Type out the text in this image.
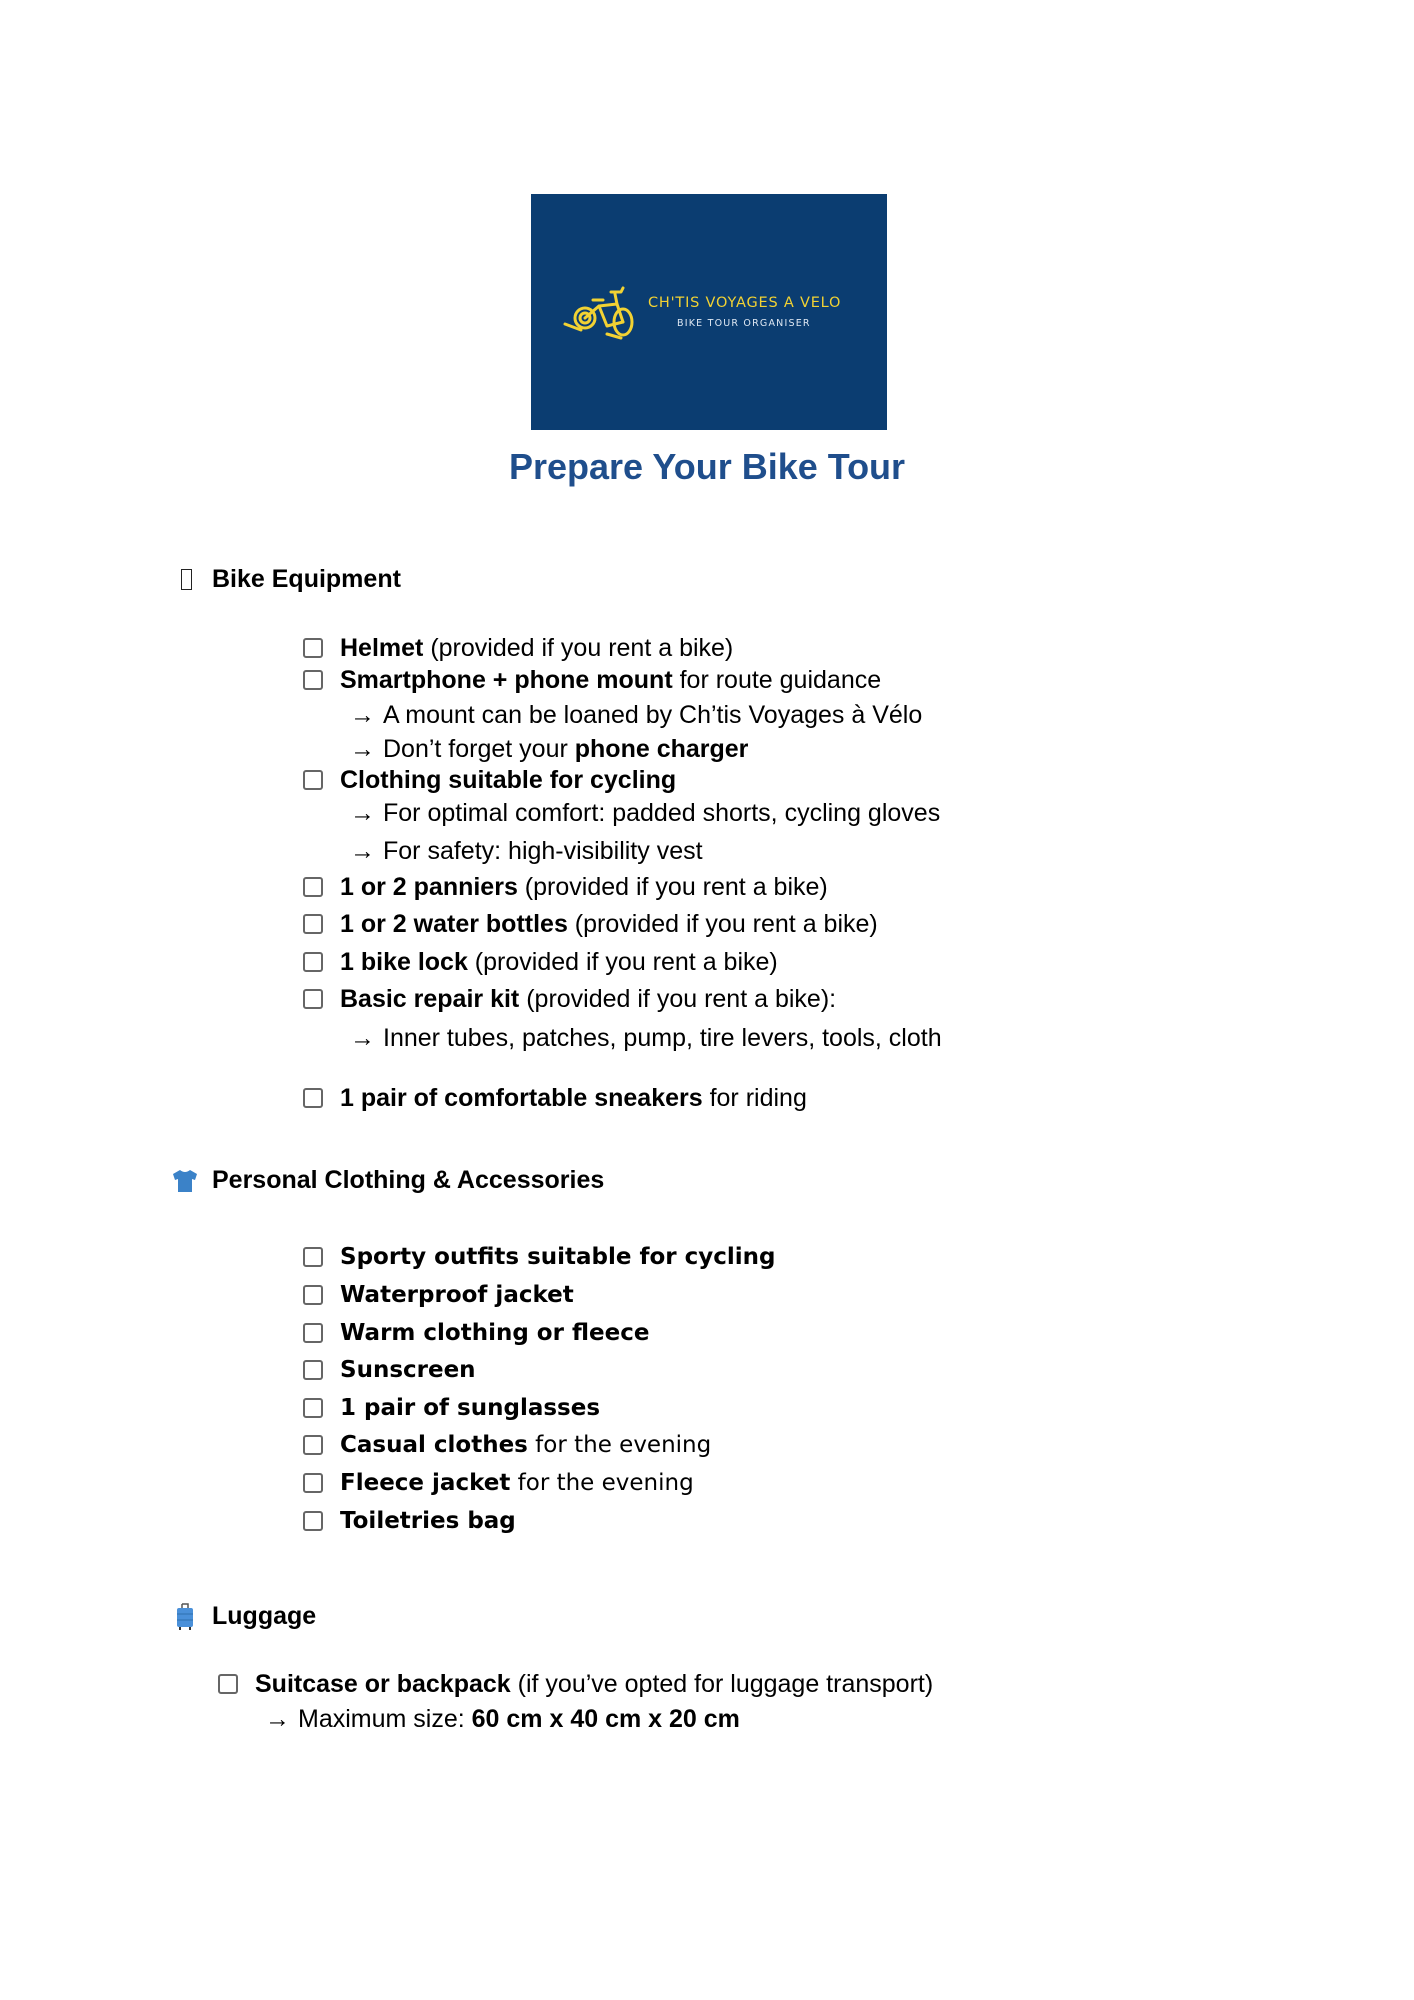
CH'TIS VOYAGES A VELO
BIKE TOUR ORGANISER
Prepare Your Bike Tour
Bike Equipment
Helmet (provided if you rent a bike)
Smartphone + phone mount for route guidance
→ A mount can be loaned by Ch’tis Voyages à Vélo
→ Don’t forget your phone charger
Clothing suitable for cycling
→ For optimal comfort: padded shorts, cycling gloves
→ For safety: high-visibility vest
1 or 2 panniers (provided if you rent a bike)
1 or 2 water bottles (provided if you rent a bike)
1 bike lock (provided if you rent a bike)
Basic repair kit (provided if you rent a bike):
→ Inner tubes, patches, pump, tire levers, tools, cloth
1 pair of comfortable sneakers for riding
Personal Clothing & Accessories
Sporty outfits suitable for cycling
Waterproof jacket
Warm clothing or fleece
Sunscreen
1 pair of sunglasses
Casual clothes for the evening
Fleece jacket for the evening
Toiletries bag
Luggage
Suitcase or backpack (if you’ve opted for luggage transport)
→ Maximum size: 60 cm x 40 cm x 20 cm
